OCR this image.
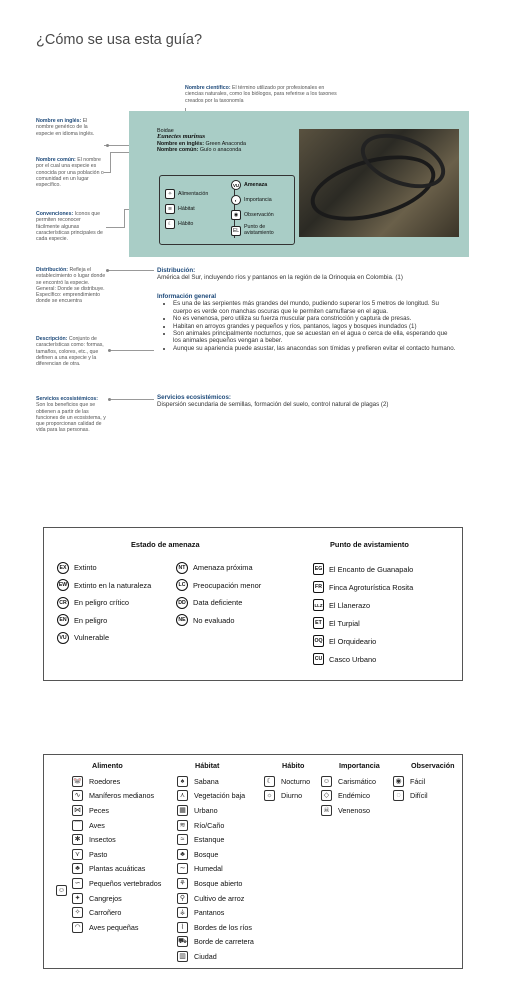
¿Cómo se usa esta guía?
Nombre científico: El término utilizado por profesionales en ciencias naturales, como los biólogos, para referirse a los taxones creados por la taxonomía
Nombre en inglés: El nombre genérico de la especie en idioma inglés.
Nombre común: El nombre por el cual una especie es conocida por una población o comunidad en un lugar específico.
Convenciones: Iconos que permiten reconocer fácilmente algunas características principales de cada especie.
Distribución: Refleja el establecimiento o lugar donde se encontró la especie. General: Donde se distribuye. Específico: emprendimiento donde se encuentra
Descripción: Conjunto de características como: formas, tamaños, colores, etc., que definen a una especie y la diferencian de otra.
Servicios ecosistémicos: Son los beneficios que se obtienen a partir de las funciones de un ecosistema, y que proporcionan calidad de vida para las personas.
Boidae
Eunectes murinus
Nombre en inglés: Green Anaconda
Nombre común: Guío o anaconda
✧	Alimentación
≋	Hábitat
☾	Hábito
VU Amenaza
◐	Importancia
◉	Observación
EL
Punto de avistamiento
Distribución:
América del Sur, incluyendo ríos y pantanos en la región de la Orinoquia en Colombia. (1)
Información general
• Es una de las serpientes más grandes del mundo, pudiendo superar los 5 metros de longitud. Su cuerpo es verde con manchas oscuras que le permiten camuflarse en el agua.
• No es venenosa, pero utiliza su fuerza muscular para constricción y captura de presas.
• Habitan en arroyos grandes y pequeños y ríos, pantanos, lagos y bosques inundados (1)
• Son animales principalmente nocturnos, que se acuestan en el agua o cerca de ella, esperando que los animales pequeños vengan a beber.
• Aunque su apariencia puede asustar, las anacondas son tímidas y prefieren evitar el contacto humano.
Servicios ecosistémicos:
Dispersión secundaria de semillas, formación del suelo, control natural de plagas (2)
Estado de amenaza	Punto de avistamiento
EX	Extinto
EW Extinto en la naturaleza
CR En peligro crítico
EN En peligro
VU Vulnerable
NT	Amenaza próxima
LC	Preocupación menor
DD Data deficiente
NE No evaluado
EG El Encanto de Guanapalo
FR Finca Agroturística Rosita
LLZ El Llanerazo
ET El Turpial
OQ El Orquideario
CU Casco Urbano
☺
Alimento
🐭 Roedores
∿	Maníferos medianos
⋈ Peces
⌒ Aves
✱	Insectos
⋎	Pasto
♣	Plantas acuáticas
∽	Pequeños vertebrados
✦	Cangrejos
✧	Carroñero
◠	Aves pequeñas
Hábitat
♠	Sabana
⋏	Vegetación baja
▦	Urbano
≋	Río/Caño
≈	Estanque
♣	Bosque
∼	Humedal
⚘	Bosque abierto
⚲	Cultivo de arroz
⚶	Pantanos
⌇	Bordes de los ríos
⛟ Borde de carretera
▥	Ciudad
Hábito
☾	Nocturno
☼	Diurno
Importancia
☺ Carismático
◇	Endémico
☠	Venenoso
Observación
◉	Fácil
◌	Difícil
